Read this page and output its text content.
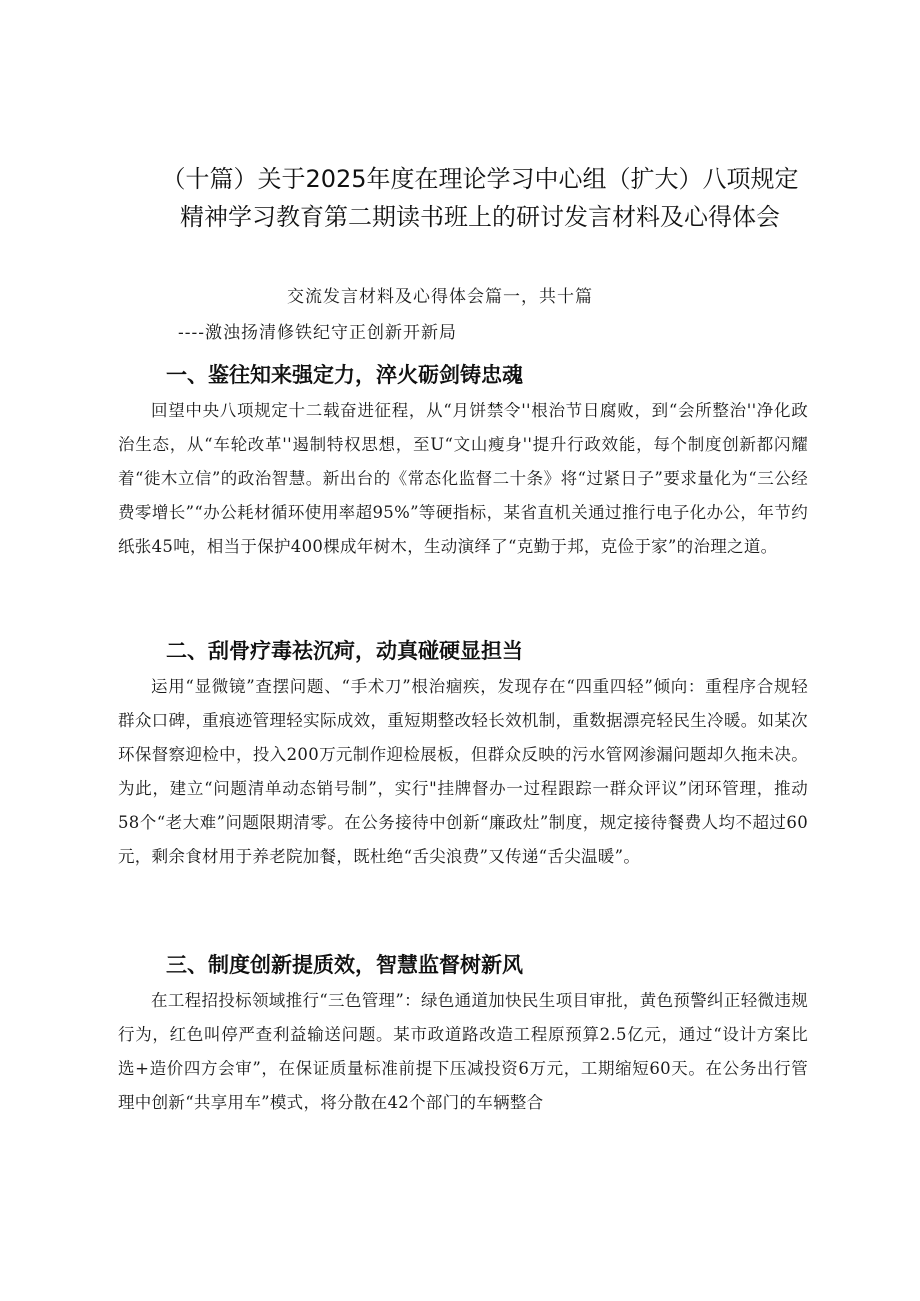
（十篇）关于2025年度在理论学习中心组（扩大）八项规定精神学习教育第二期读书班上的研讨发言材料及心得体会

交流发言材料及心得体会篇一，共十篇

----激浊扬清修铁纪守正创新开新局

一、鉴往知来强定力，淬火砺剑铸忠魂

回望中央八项规定十二载奋进征程，从“月饼禁令''根治节日腐败，到“会所整治''净化政治生态，从“车轮改革''遏制特权思想，至U“文山瘦身''提升行政效能，每个制度创新都闪耀着“徙木立信”的政治智慧。新出台的《常态化监督二十条》将“过紧日子”要求量化为“三公经费零增长”“办公耗材循环使用率超95%”等硬指标，某省直机关通过推行电子化办公，年节约纸张45吨，相当于保护400棵成年树木，生动演绎了“克勤于邦，克俭于家”的治理之道。

二、刮骨疗毒祛沉疴，动真碰硬显担当

运用“显微镜”查摆问题、“手术刀”根治痼疾，发现存在“四重四轻”倾向：重程序合规轻群众口碑，重痕迹管理轻实际成效，重短期整改轻长效机制，重数据漂亮轻民生冷暖。如某次环保督察迎检中，投入200万元制作迎检展板，但群众反映的污水管网渗漏问题却久拖未决。为此，建立“问题清单动态销号制”，实行"挂牌督办一过程跟踪一群众评议”闭环管理，推动58个“老大难”问题限期清零。在公务接待中创新“廉政灶”制度，规定接待餐费人均不超过60元，剩余食材用于养老院加餐，既杜绝“舌尖浪费”又传递“舌尖温暖”。

三、制度创新提质效，智慧监督树新风

在工程招投标领域推行“三色管理”：绿色通道加快民生项目审批，黄色预警纠正轻微违规行为，红色叫停严查利益输送问题。某市政道路改造工程原预算2.5亿元，通过“设计方案比选+造价四方会审”，在保证质量标准前提下压减投资6万元，工期缩短60天。在公务出行管理中创新“共享用车”模式，将分散在42个部门的车辆整合
